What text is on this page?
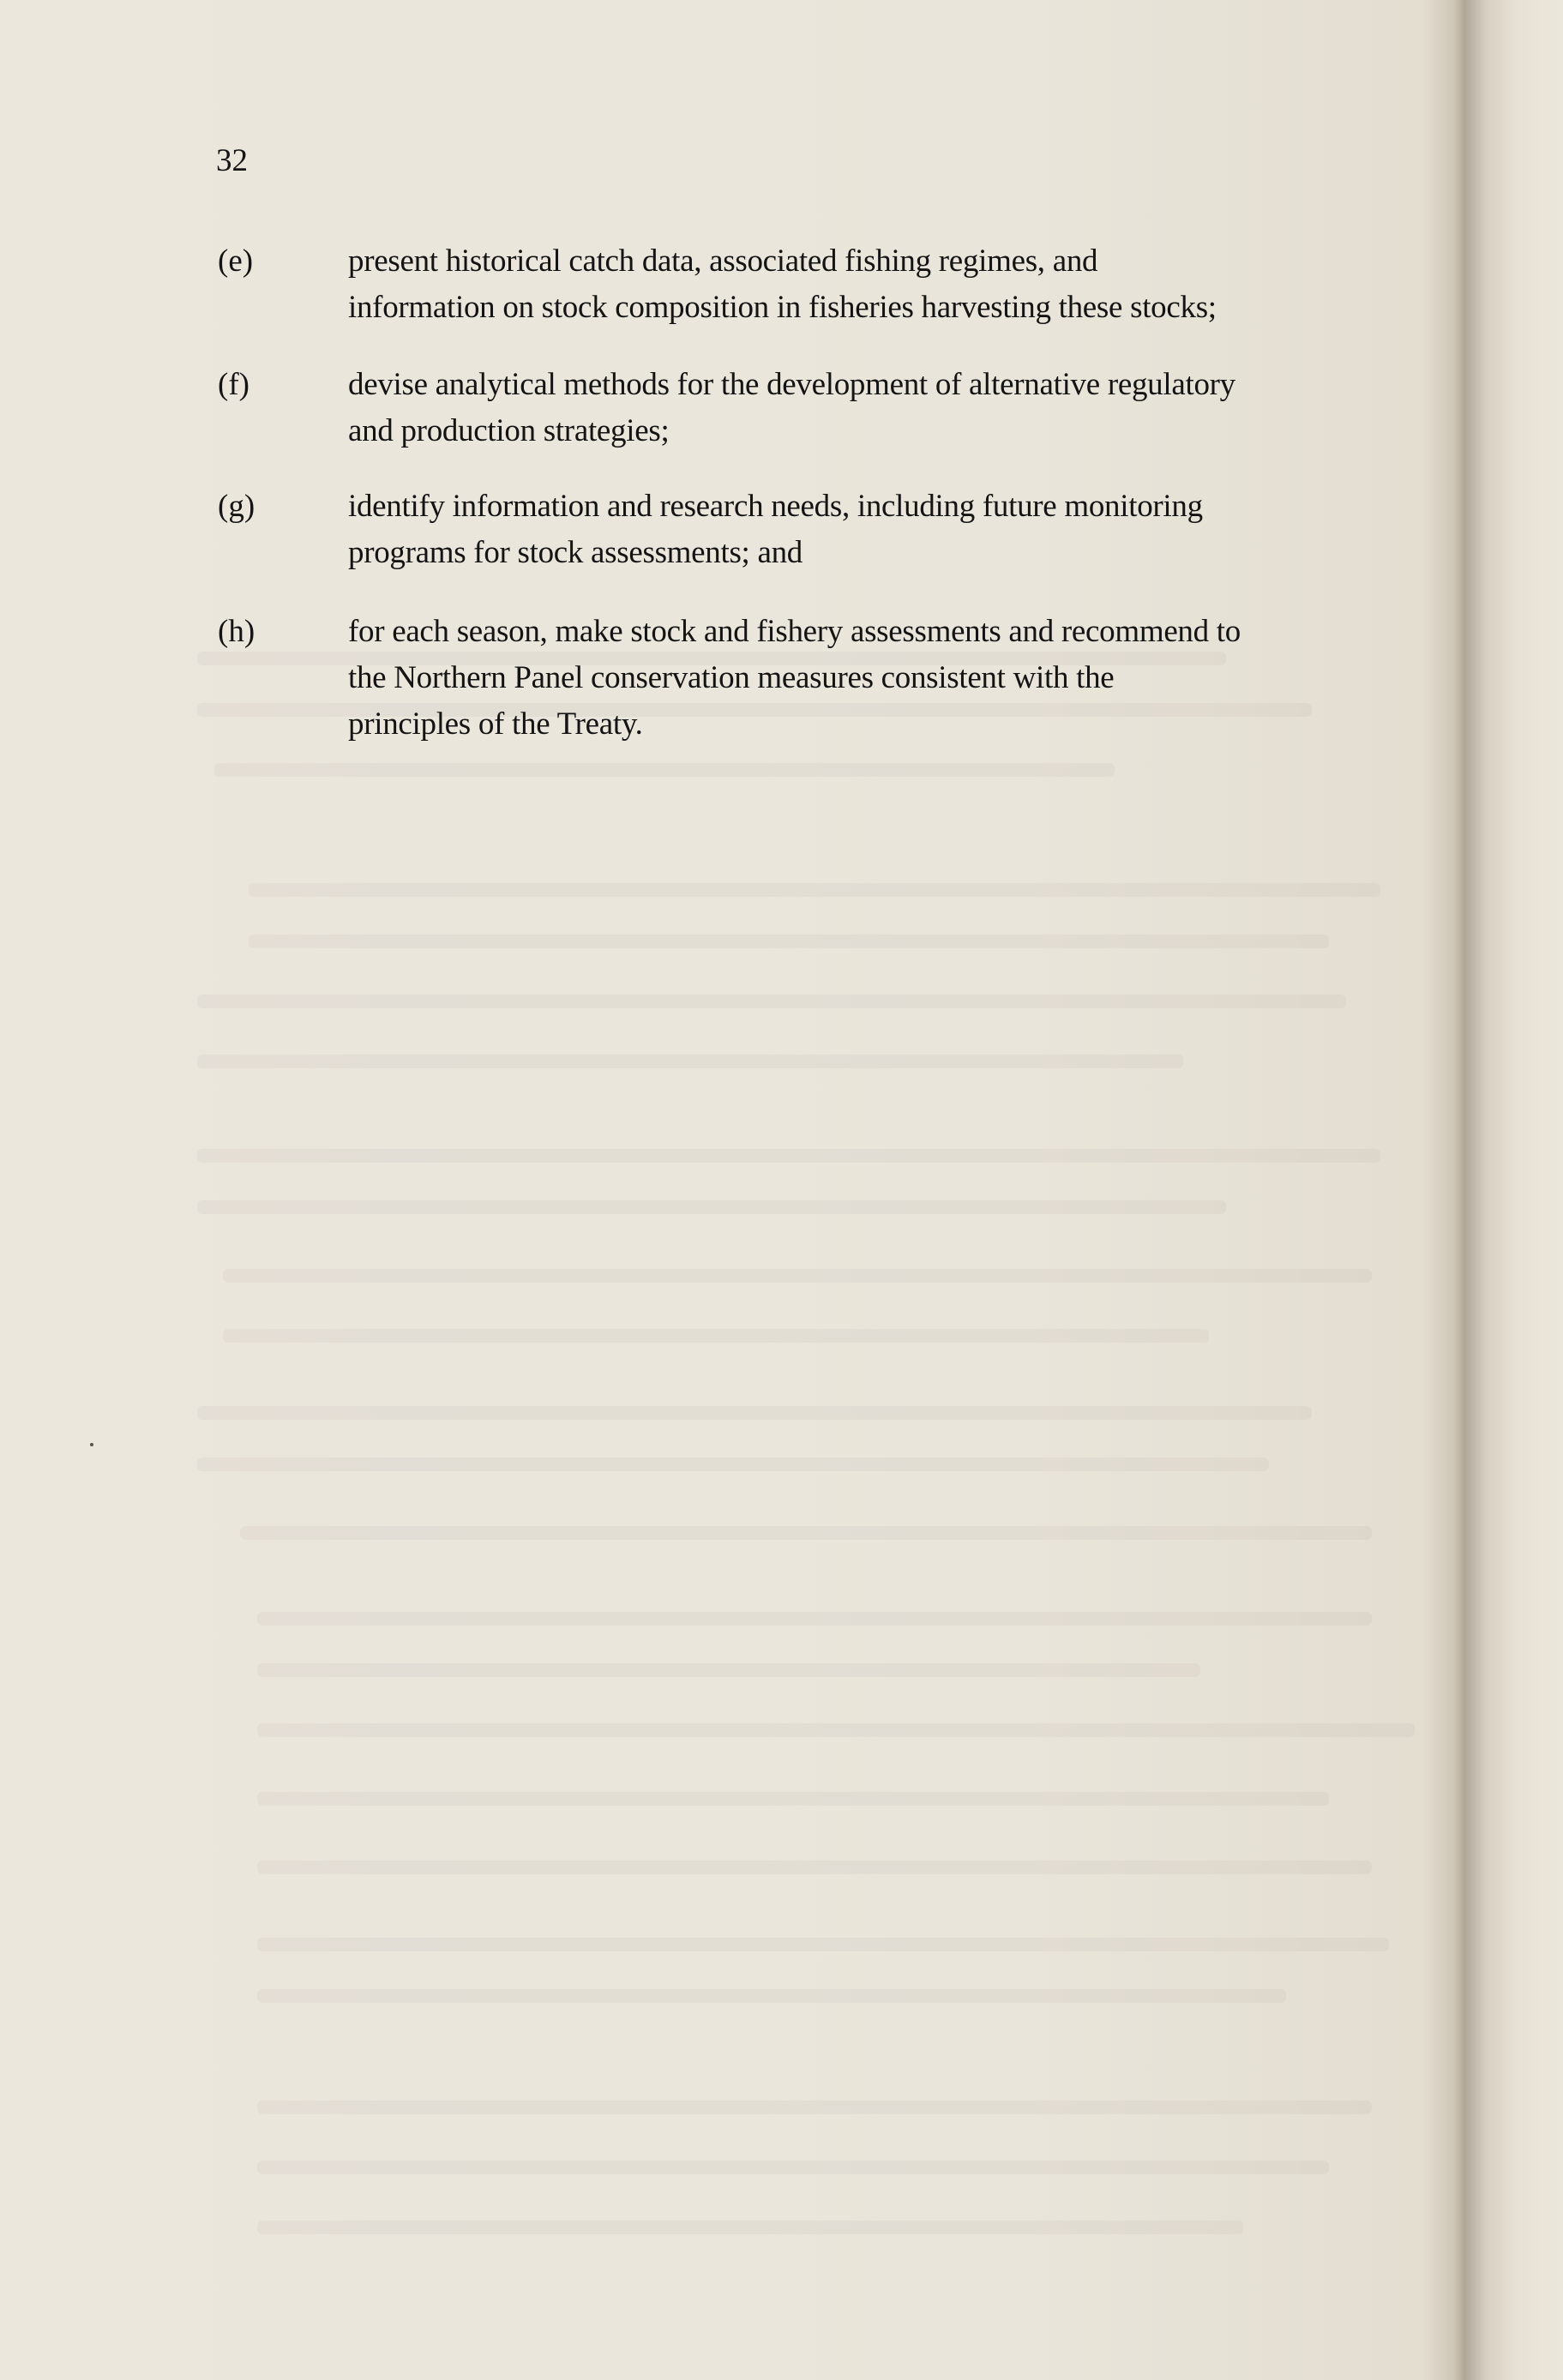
32
(e)	present historical catch data, associated fishing regimes, and
information on stock composition in fisheries harvesting these stocks;
(f)	devise analytical methods for the development of alternative regulatory
and production strategies;
(g)	identify information and research needs, including future monitoring
programs for stock assessments; and
(h)	for each season, make stock and fishery assessments and recommend to
the Northern Panel conservation measures consistent with the
principles of the Treaty.
